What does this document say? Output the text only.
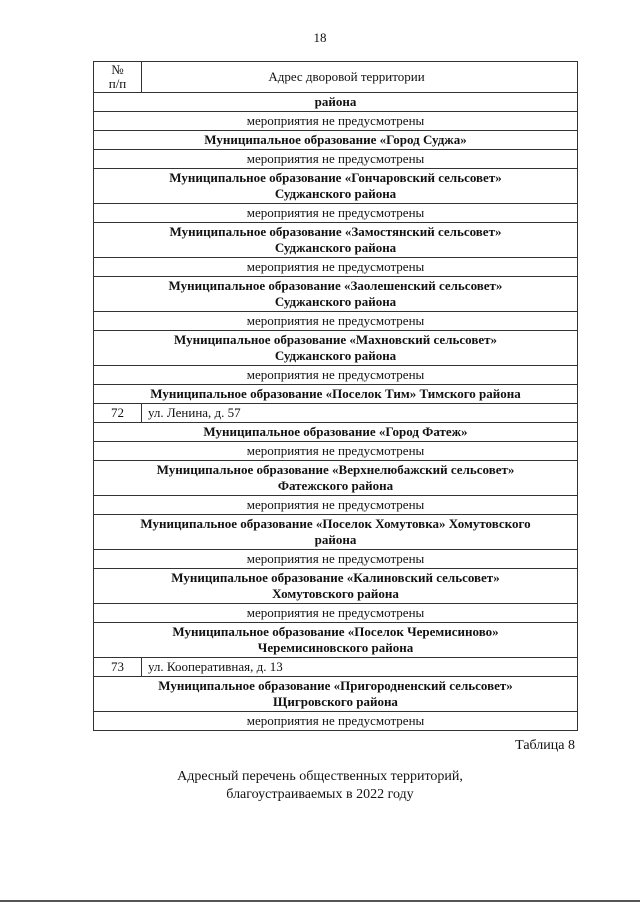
18
№
п/п	Адрес дворовой территории
района	
мероприятия не предусмотрены	
Муниципальное образование «Город Суджа»	
мероприятия не предусмотрены	
Муниципальное образование «Гончаровский сельсовет»
Суджанского района	
мероприятия не предусмотрены	
Муниципальное образование «Замостянский сельсовет»
Суджанского района	
мероприятия не предусмотрены	
Муниципальное образование «Заолешенский сельсовет»
Суджанского района	
мероприятия не предусмотрены	
Муниципальное образование «Махновский сельсовет»
Суджанского района	
мероприятия не предусмотрены	
Муниципальное образование «Поселок Тим» Тимского района	
72	ул. Ленина, д. 57
Муниципальное образование «Город Фатеж»	
мероприятия не предусмотрены	
Муниципальное образование «Верхнелюбажский сельсовет»
Фатежского района	
мероприятия не предусмотрены	
Муниципальное образование «Поселок Хомутовка» Хомутовского
района	
мероприятия не предусмотрены	
Муниципальное образование «Калиновский сельсовет»
Хомутовского района	
мероприятия не предусмотрены	
Муниципальное образование «Поселок Черемисиново»
Черемисиновского района	
73	ул. Кооперативная, д. 13
Муниципальное образование «Пригородненский сельсовет»
Щигровского района	
мероприятия не предусмотрены	
Таблица 8
Адресный перечень общественных территорий,
благоустраиваемых в 2022 году
